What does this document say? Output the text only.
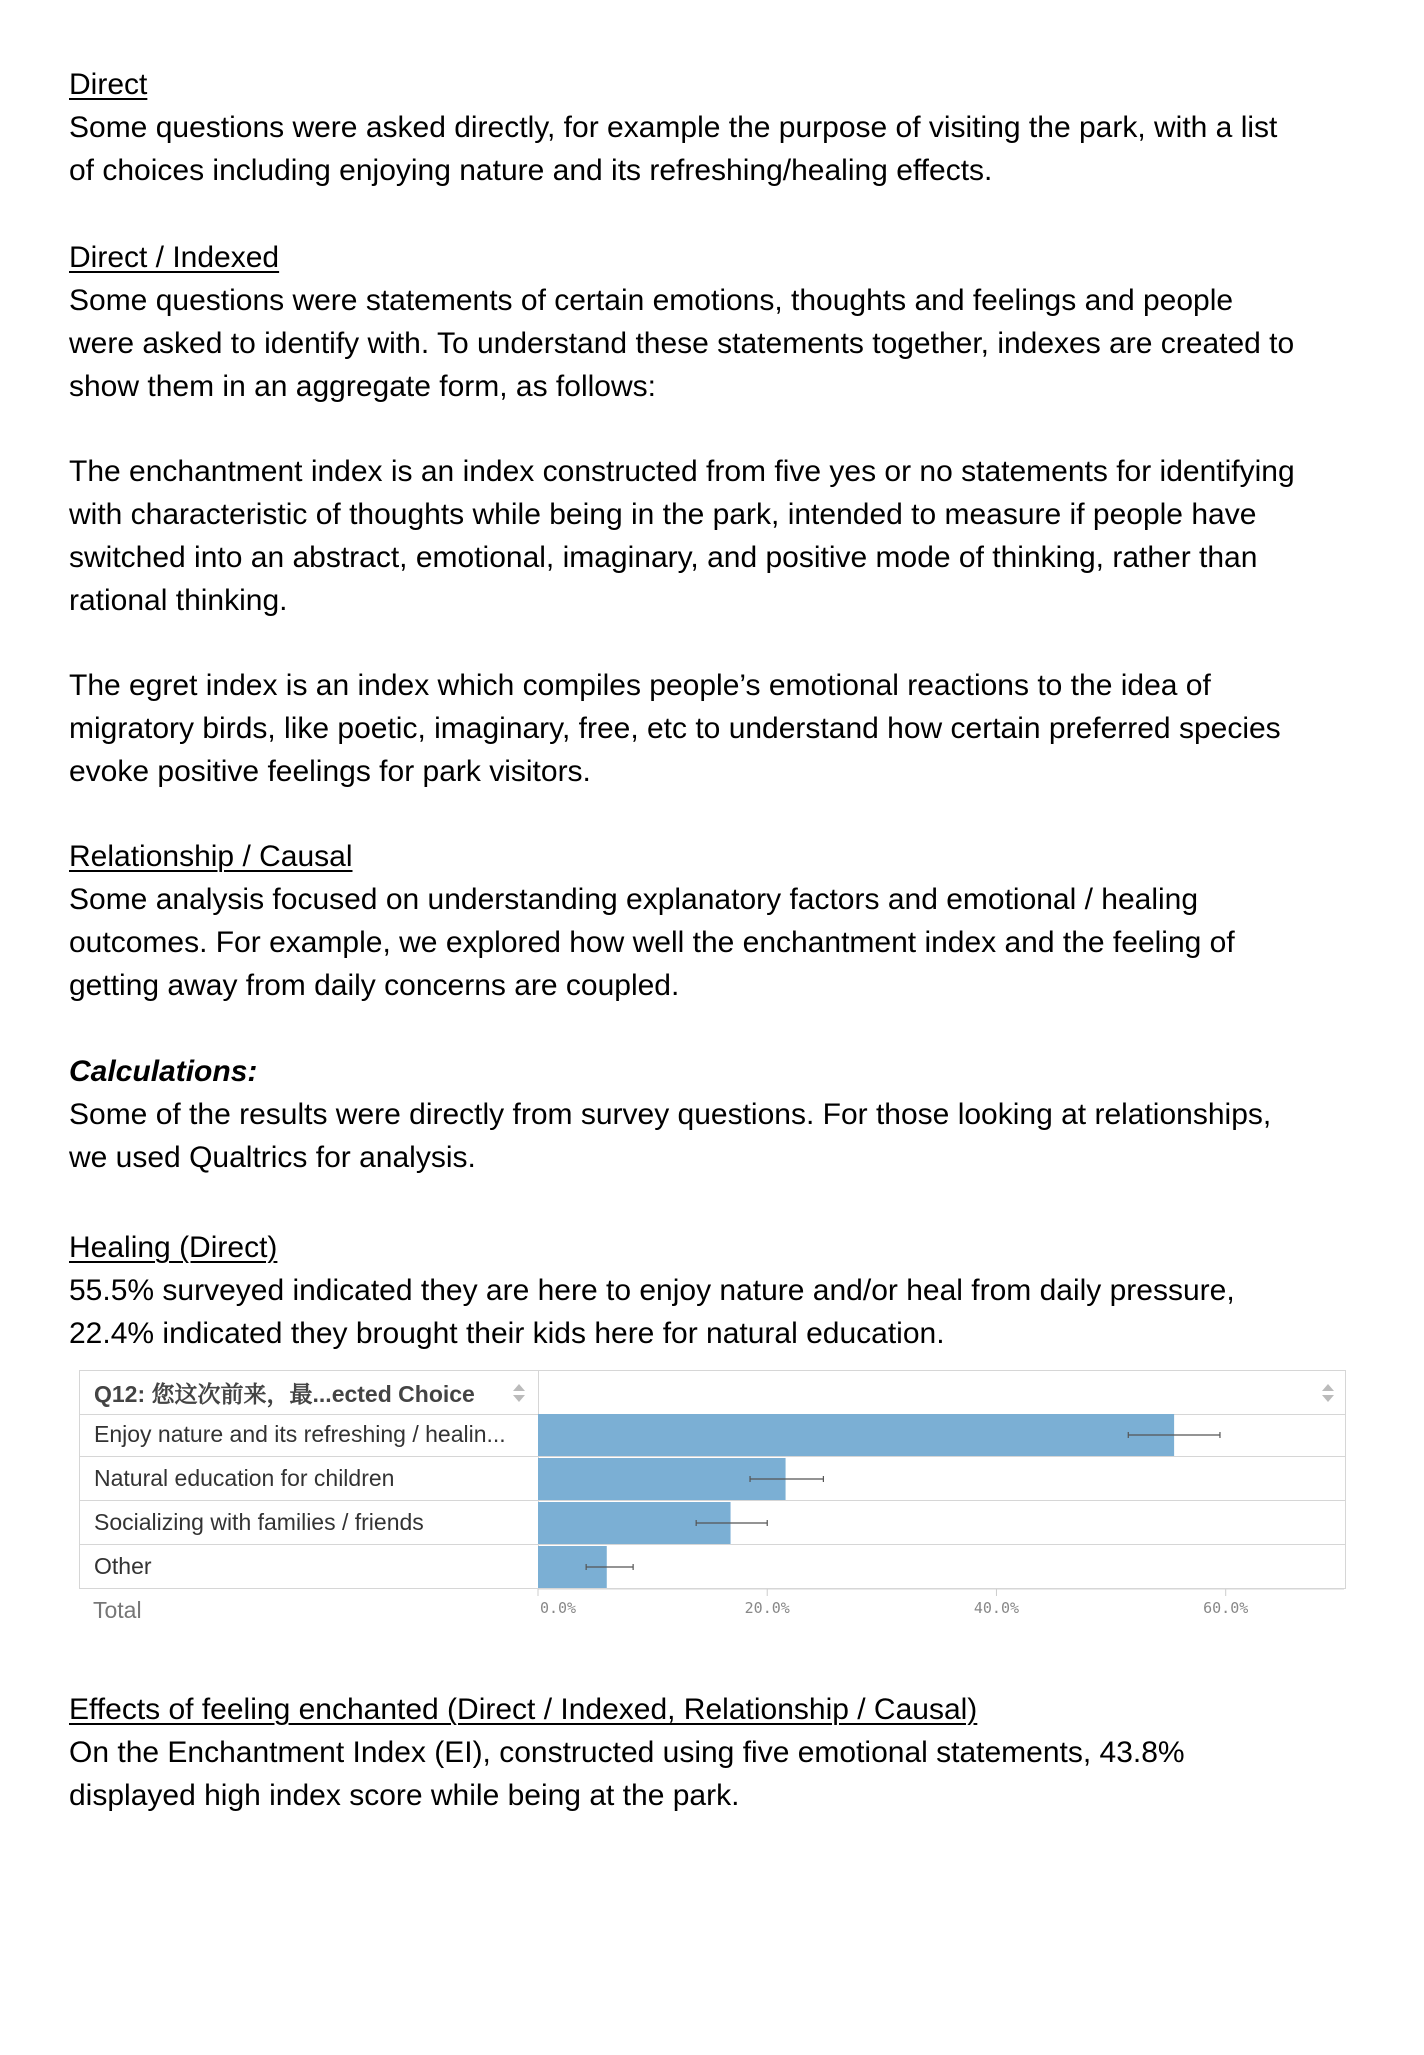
Direct

Some questions were asked directly, for example the purpose of visiting the park, with a list

of choices including enjoying nature and its refreshing/healing effects.

Direct / Indexed

Some questions were statements of certain emotions, thoughts and feelings and people

were asked to identify with. To understand these statements together, indexes are created to

show them in an aggregate form, as follows:

The enchantment index is an index constructed from five yes or no statements for identifying

with characteristic of thoughts while being in the park, intended to measure if people have

switched into an abstract, emotional, imaginary, and positive mode of thinking, rather than

rational thinking.

The egret index is an index which compiles people’s emotional reactions to the idea of

migratory birds, like poetic, imaginary, free, etc to understand how certain preferred species

evoke positive feelings for park visitors.

Relationship / Causal

Some analysis focused on understanding explanatory factors and emotional / healing

outcomes. For example, we explored how well the enchantment index and the feeling of

getting away from daily concerns are coupled.

Calculations:

Some of the results were directly from survey questions. For those looking at relationships,

we used Qualtrics for analysis.

Healing (Direct)

55.5% surveyed indicated they are here to enjoy nature and/or heal from daily pressure,

22.4% indicated they brought their kids here for natural education.

Q12: 您这次前来，最...ected Choice
Enjoy nature and its refreshing / healin...
Natural education for children
Socializing with families / friends
Other
Total	0.0%	20.0%	40.0%	60.0%

Effects of feeling enchanted (Direct / Indexed, Relationship / Causal)

On the Enchantment Index (EI), constructed using five emotional statements, 43.8%

displayed high index score while being at the park.
